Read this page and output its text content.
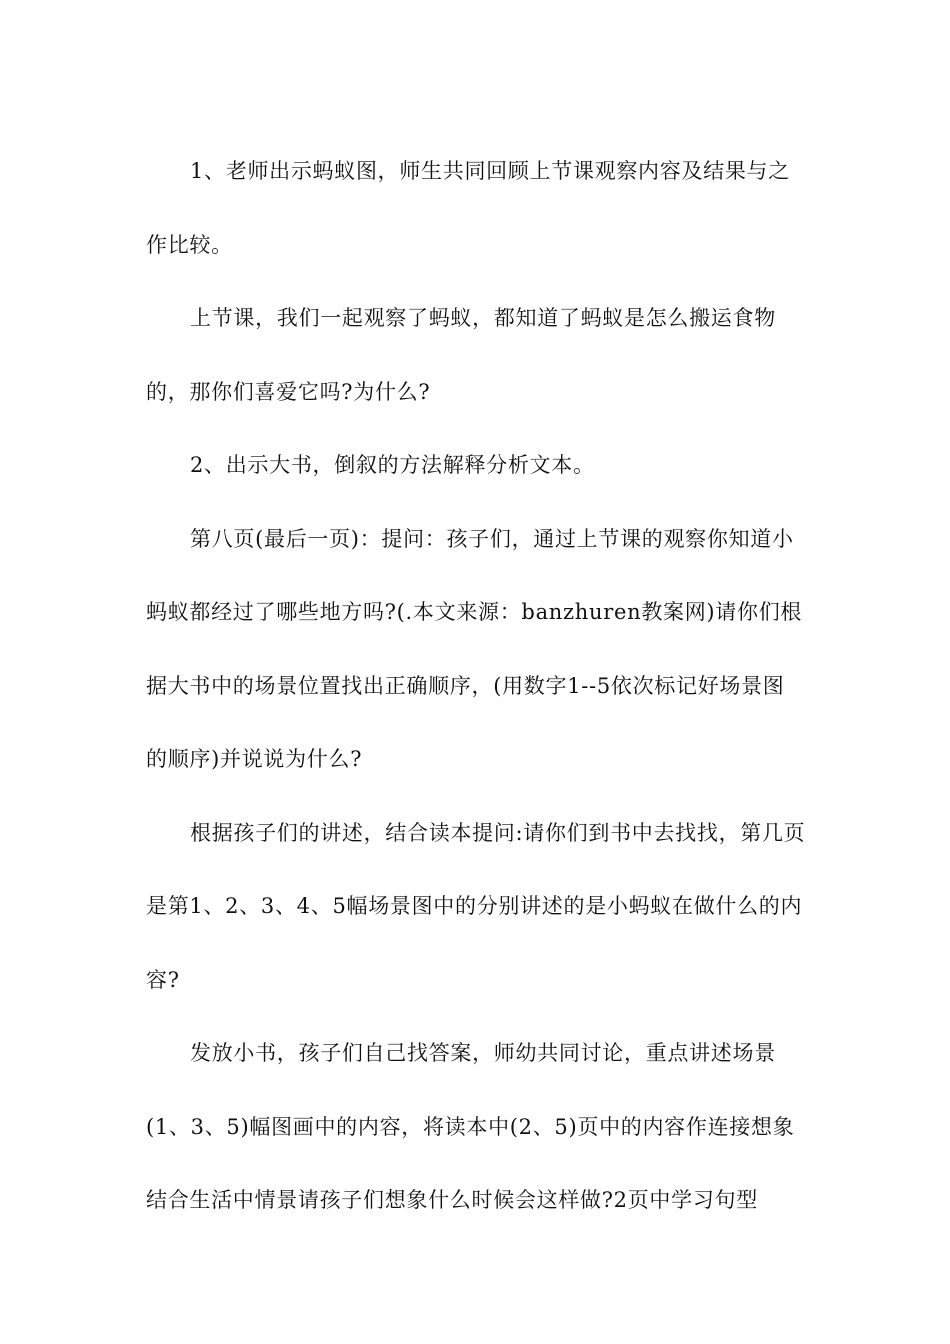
1、老师出示蚂蚁图，师生共同回顾上节课观察内容及结果与之作比较。

上节课，我们一起观察了蚂蚁，都知道了蚂蚁是怎么搬运食物的，那你们喜爱它吗?为什么?

2、出示大书，倒叙的方法解释分析文本。

第八页(最后一页)：提问：孩子们，通过上节课的观察你知道小蚂蚁都经过了哪些地方吗?(.本文来源：banzhuren教案网)请你们根据大书中的场景位置找出正确顺序，(用数字1--5依次标记好场景图的顺序)并说说为什么?

根据孩子们的讲述，结合读本提问:请你们到书中去找找，第几页是第1、2、3、4、5幅场景图中的分别讲述的是小蚂蚁在做什么的内容?

发放小书，孩子们自己找答案，师幼共同讨论，重点讲述场景(1、3、5)幅图画中的内容，将读本中(2、5)页中的内容作连接想象结合生活中情景请孩子们想象什么时候会这样做?2页中学习句型
